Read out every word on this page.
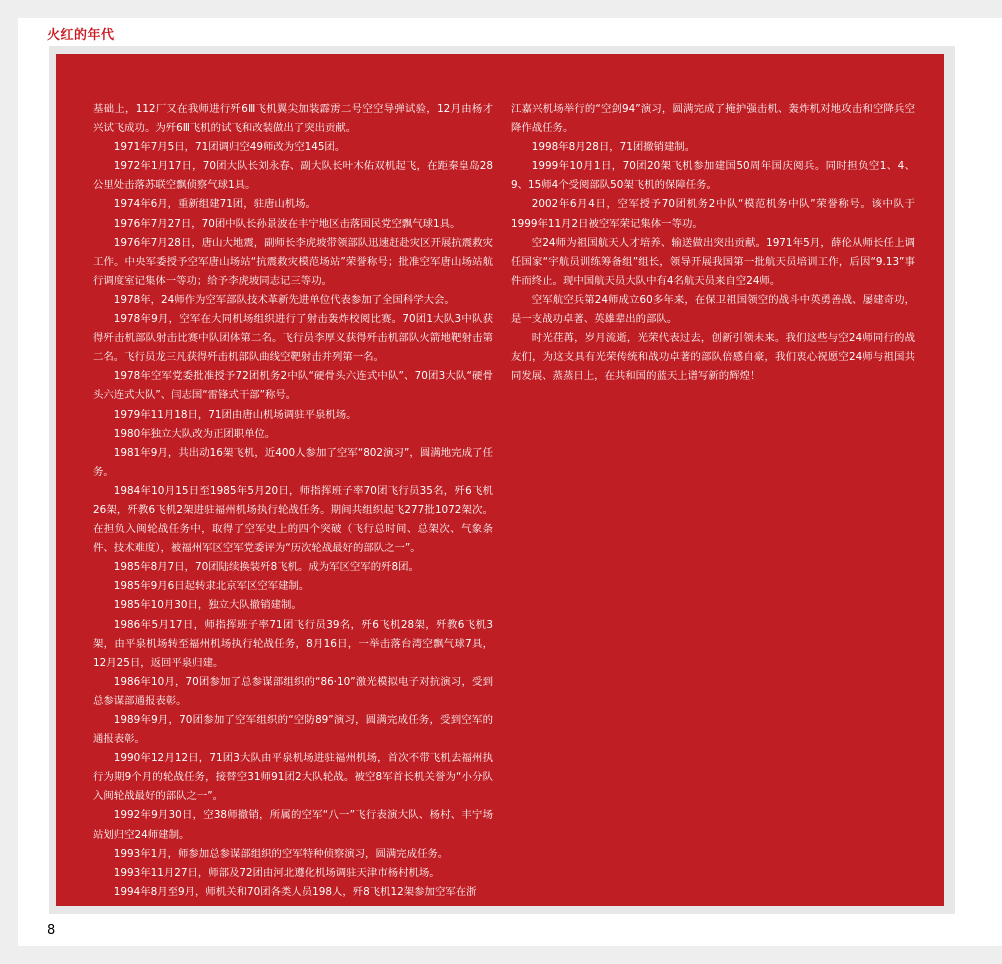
火红的年代

基础上，112厂又在我师进行歼6Ⅲ飞机翼尖加装霹雳二号空空导弹试验，12月由杨才兴试飞成功。为歼6Ⅲ飞机的试飞和改装做出了突出贡献。

1971年7月5日，71团调归空49师改为空145团。

1972年1月17日，70团大队长刘永春、副大队长叶木佑双机起飞，在距秦皇岛28公里处击落苏联空飘侦察气球1具。

1974年6月，重新组建71团，驻唐山机场。

1976年7月27日，70团中队长孙景波在丰宁地区击落国民党空飘气球1具。

1976年7月28日，唐山大地震，副师长李虎坡带领部队迅速赶赴灾区开展抗震救灾工作。中央军委授予空军唐山场站“抗震救灾模范场站”荣誉称号；批准空军唐山场站航行调度室记集体一等功；给予李虎坡同志记三等功。

1978年，24师作为空军部队技术革新先进单位代表参加了全国科学大会。

1978年9月，空军在大同机场组织进行了射击轰炸校阅比赛。70团1大队3中队获得歼击机部队射击比赛中队团体第二名。飞行员李厚义获得歼击机部队火箭地靶射击第二名。飞行员龙三凡获得歼击机部队曲线空靶射击并列第一名。

1978年空军党委批准授予72团机务2中队“硬骨头六连式中队”、70团3大队“硬骨头六连式大队”、闫志国“雷锋式干部”称号。

1979年11月18日，71团由唐山机场调驻平泉机场。

1980年独立大队改为正团职单位。

1981年9月，共出动16架飞机，近400人参加了空军“802演习”，圆满地完成了任务。

1984年10月15日至1985年5月20日，师指挥班子率70团飞行员35名，歼6飞机26架，歼教6飞机2架进驻福州机场执行轮战任务。期间共组织起飞277批1072架次。在担负入闽轮战任务中，取得了空军史上的四个突破（飞行总时间、总架次、气象条件、技术难度），被福州军区空军党委评为“历次轮战最好的部队之一”。

1985年8月7日，70团陆续换装歼8飞机。成为军区空军的歼8团。

1985年9月6日起转隶北京军区空军建制。

1985年10月30日，独立大队撤销建制。

1986年5月17日，师指挥班子率71团飞行员39名，歼6飞机28架，歼教6飞机3架，由平泉机场转至福州机场执行轮战任务，8月16日，一举击落台湾空飘气球7具，12月25日，返回平泉归建。

1986年10月，70团参加了总参谋部组织的“86·10”激光模拟电子对抗演习，受到总参谋部通报表彰。

1989年9月，70团参加了空军组织的“空防89”演习，圆满完成任务，受到空军的通报表彰。

1990年12月12日，71团3大队由平泉机场进驻福州机场，首次不带飞机去福州执行为期9个月的轮战任务，接替空31师91团2大队轮战。被空8军首长机关誉为“小分队入闽轮战最好的部队之一”。

1992年9月30日，空38师撤销，所属的空军“八一”飞行表演大队、杨村、丰宁场站划归空24师建制。

1993年1月，师参加总参谋部组织的空军特种侦察演习，圆满完成任务。

1993年11月27日，师部及72团由河北遵化机场调驻天津市杨村机场。

1994年8月至9月，师机关和70团各类人员198人，歼8飞机12架参加空军在浙

江嘉兴机场举行的“空剑94”演习，圆满完成了掩护强击机、轰炸机对地攻击和空降兵空降作战任务。

1998年8月28日，71团撤销建制。

1999年10月1日，70团20架飞机参加建国50周年国庆阅兵。同时担负空1、4、9、15师4个受阅部队50架飞机的保障任务。

2002年6月4日，空军授予70团机务2中队“模范机务中队”荣誉称号。该中队于1999年11月2日被空军荣记集体一等功。

空24师为祖国航天人才培养、输送做出突出贡献。1971年5月，薛伦从师长任上调任国家“宇航员训练筹备组”组长，领导开展我国第一批航天员培训工作，后因“9.13”事件而终止。现中国航天员大队中有4名航天员来自空24师。

空军航空兵第24师成立60多年来，在保卫祖国领空的战斗中英勇善战、屡建奇功，是一支战功卓著、英雄辈出的部队。

时光荏苒，岁月流逝，光荣代表过去，创新引领未来。我们这些与空24师同行的战友们，为这支具有光荣传统和战功卓著的部队倍感自豪，我们衷心祝愿空24师与祖国共同发展、蒸蒸日上，在共和国的蓝天上谱写新的辉煌！

8
